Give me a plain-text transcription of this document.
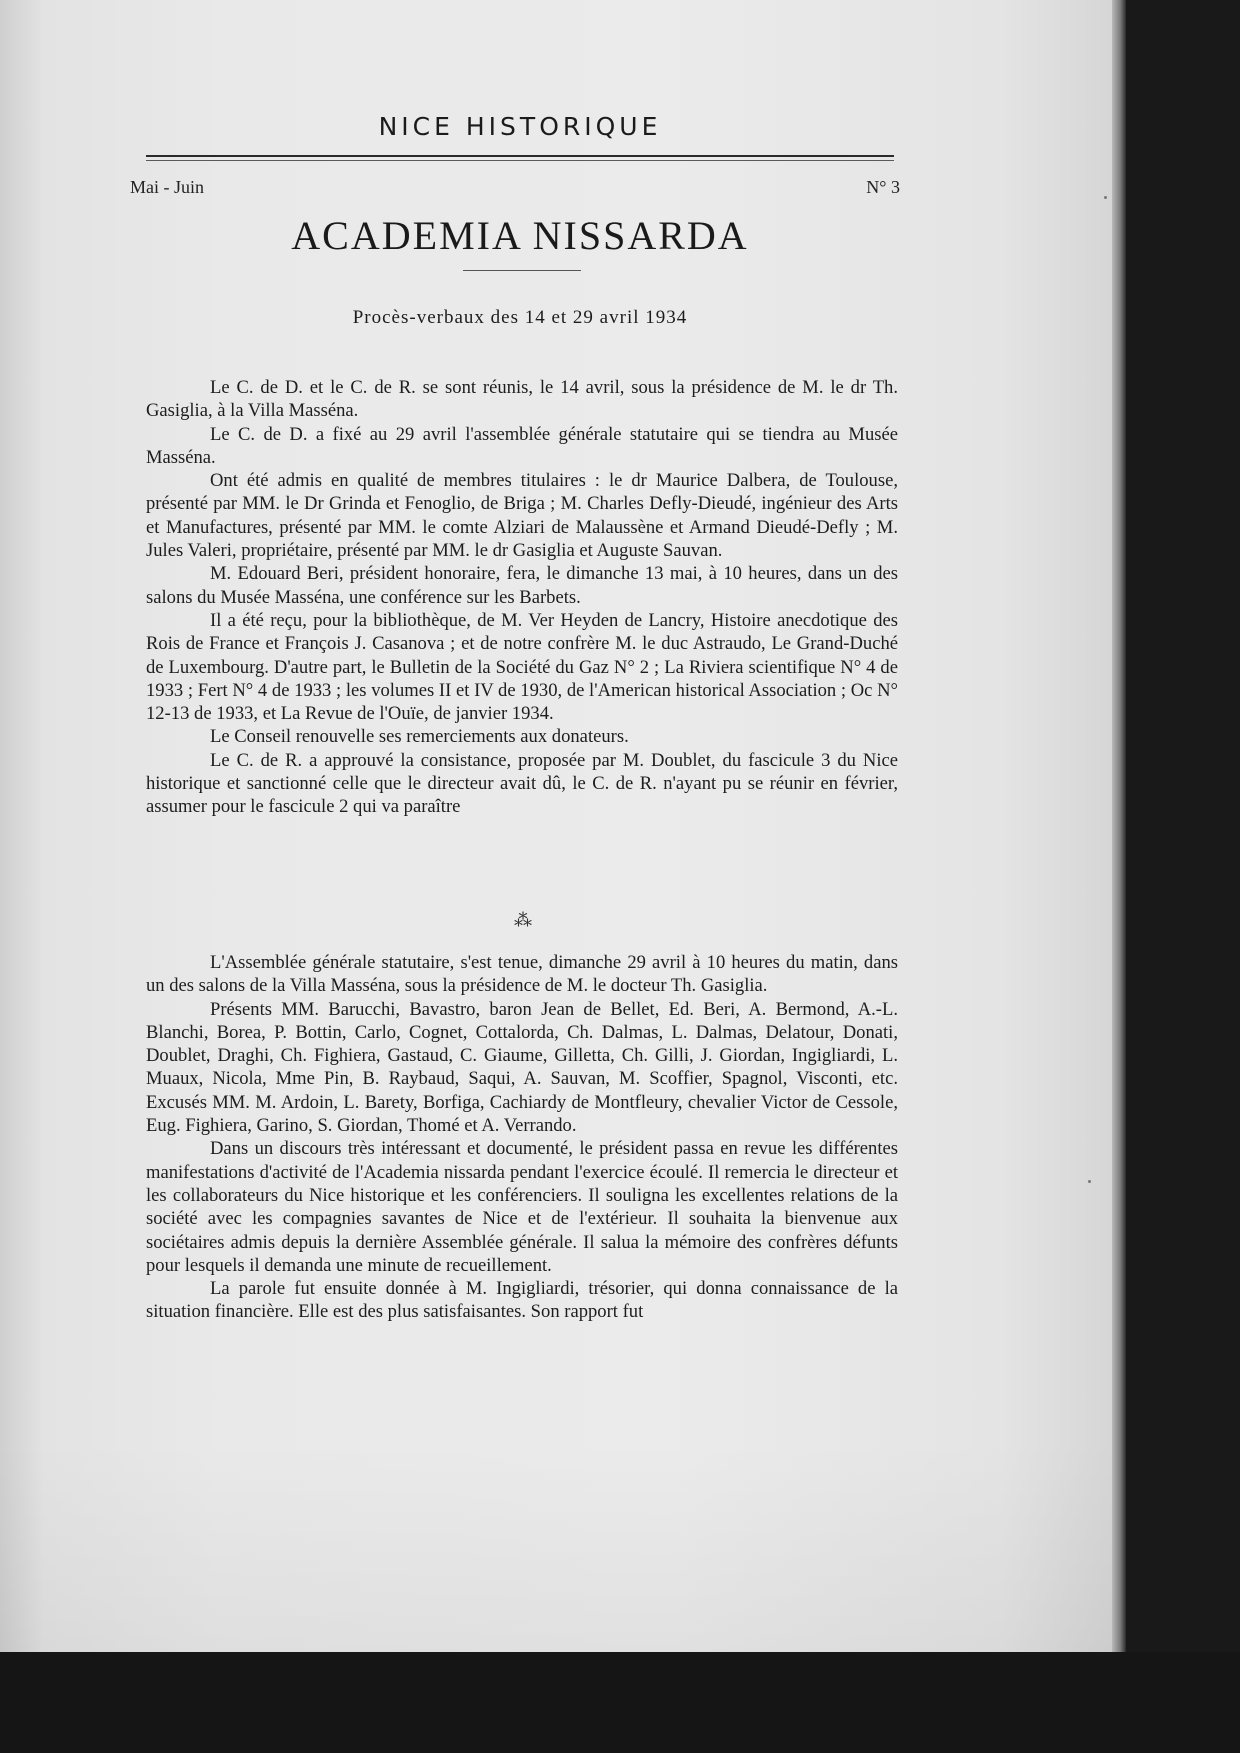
NICE HISTORIQUE
Mai - Juin	N° 3
ACADEMIA NISSARDA
Procès-verbaux des 14 et 29 avril 1934

Le C. de D. et le C. de R. se sont réunis, le 14 avril, sous la présidence de M. le dr Th. Gasiglia, à la Villa Masséna.

Le C. de D. a fixé au 29 avril l'assemblée générale statutaire qui se tiendra au Musée Masséna.

Ont été admis en qualité de membres titulaires : le dr Maurice Dalbera, de Toulouse, présenté par MM. le Dr Grinda et Fenoglio, de Briga ; M. Charles Defly-Dieudé, ingénieur des Arts et Manufactures, présenté par MM. le comte Alziari de Malaussène et Armand Dieudé-Defly ; M. Jules Valeri, propriétaire, présenté par MM. le dr Gasiglia et Auguste Sauvan.

M. Edouard Beri, président honoraire, fera, le dimanche 13 mai, à 10 heures, dans un des salons du Musée Masséna, une conférence sur les Barbets.

Il a été reçu, pour la bibliothèque, de M. Ver Heyden de Lancry, Histoire anecdotique des Rois de France et François J. Casanova ; et de notre confrère M. le duc Astraudo, Le Grand-Duché de Luxembourg. D'autre part, le Bulletin de la Société du Gaz N° 2 ; La Riviera scientifique N° 4 de 1933 ; Fert N° 4 de 1933 ; les volumes II et IV de 1930, de l'American historical Association ; Oc N° 12-13 de 1933, et La Revue de l'Ouïe, de janvier 1934.

Le Conseil renouvelle ses remerciements aux donateurs.

Le C. de R. a approuvé la consistance, proposée par M. Doublet, du fascicule 3 du Nice historique et sanctionné celle que le directeur avait dû, le C. de R. n'ayant pu se réunir en février, assumer pour le fascicule 2 qui va paraître

⁂

L'Assemblée générale statutaire, s'est tenue, dimanche 29 avril à 10 heures du matin, dans un des salons de la Villa Masséna, sous la présidence de M. le docteur Th. Gasiglia.

Présents MM. Barucchi, Bavastro, baron Jean de Bellet, Ed. Beri, A. Bermond, A.-L. Blanchi, Borea, P. Bottin, Carlo, Cognet, Cottalorda, Ch. Dalmas, L. Dalmas, Delatour, Donati, Doublet, Draghi, Ch. Fighiera, Gastaud, C. Giaume, Gilletta, Ch. Gilli, J. Giordan, Ingigliardi, L. Muaux, Nicola, Mme Pin, B. Raybaud, Saqui, A. Sauvan, M. Scoffier, Spagnol, Visconti, etc. Excusés MM. M. Ardoin, L. Barety, Borfiga, Cachiardy de Montfleury, chevalier Victor de Cessole, Eug. Fighiera, Garino, S. Giordan, Thomé et A. Verrando.

Dans un discours très intéressant et documenté, le président passa en revue les différentes manifestations d'activité de l'Academia nissarda pendant l'exercice écoulé. Il remercia le directeur et les collaborateurs du Nice historique et les conférenciers. Il souligna les excellentes relations de la société avec les compagnies savantes de Nice et de l'extérieur. Il souhaita la bienvenue aux sociétaires admis depuis la dernière Assemblée générale. Il salua la mémoire des confrères défunts pour lesquels il demanda une minute de recueillement.

La parole fut ensuite donnée à M. Ingigliardi, trésorier, qui donna connaissance de la situation financière. Elle est des plus satisfaisantes. Son rapport fut
